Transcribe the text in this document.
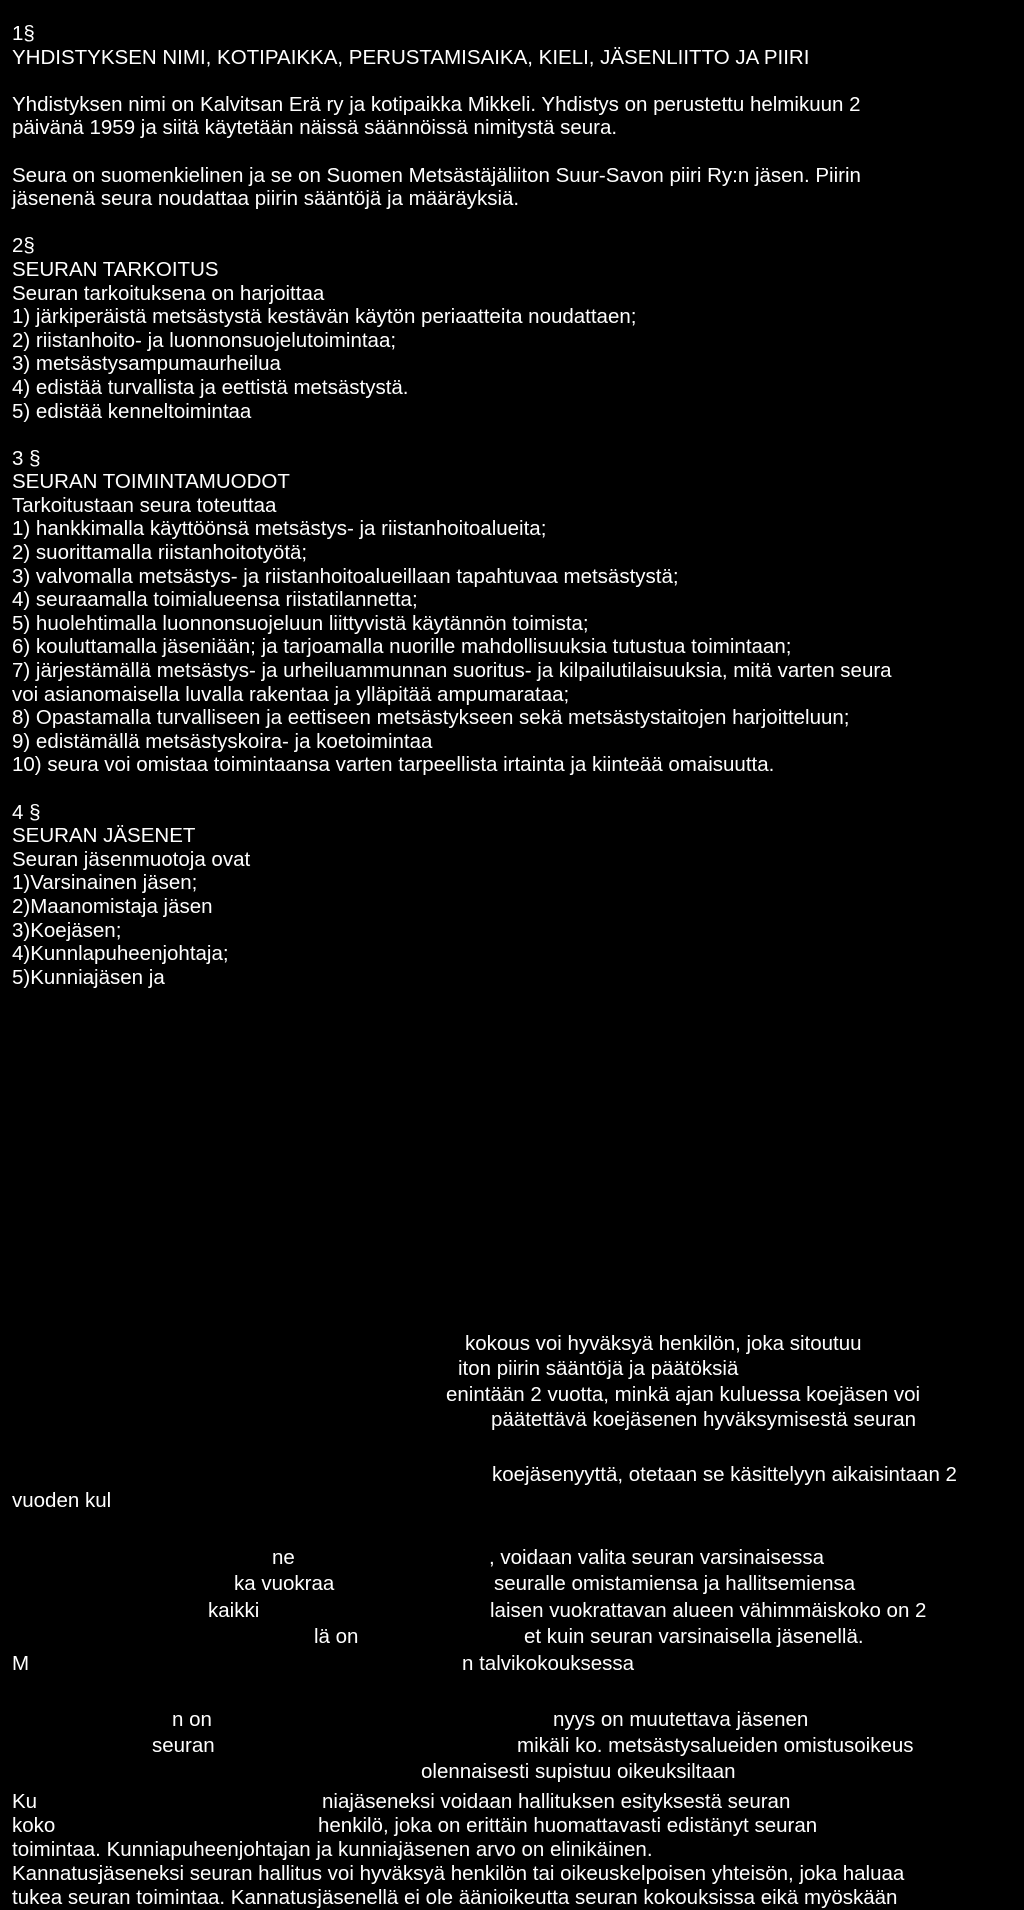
1§

YHDISTYKSEN NIMI, KOTIPAIKKA, PERUSTAMISAIKA, KIELI, JÄSENLIITTO JA PIIRI

Yhdistyksen nimi on Kalvitsan Erä ry ja kotipaikka Mikkeli. Yhdistys on perustettu helmikuun 2

päivänä 1959 ja siitä käytetään näissä säännöissä nimitystä seura.

Seura on suomenkielinen ja se on Suomen Metsästäjäliiton Suur-Savon piiri Ry:n jäsen. Piirin

jäsenenä seura noudattaa piirin sääntöjä ja määräyksiä.

2§

SEURAN TARKOITUS

Seuran tarkoituksena on harjoittaa

1) järkiperäistä metsästystä kestävän käytön periaatteita noudattaen;

2) riistanhoito- ja luonnonsuojelutoimintaa;

3) metsästysampumaurheilua

4) edistää turvallista ja eettistä metsästystä.

5) edistää kenneltoimintaa

3 §

SEURAN TOIMINTAMUODOT

Tarkoitustaan seura toteuttaa

1) hankkimalla käyttöönsä metsästys- ja riistanhoitoalueita;

2) suorittamalla riistanhoitotyötä;

3) valvomalla metsästys- ja riistanhoitoalueillaan tapahtuvaa metsästystä;

4) seuraamalla toimialueensa riistatilannetta;

5) huolehtimalla luonnonsuojeluun liittyvistä käytännön toimista;

6) kouluttamalla jäseniään; ja tarjoamalla nuorille mahdollisuuksia tutustua toimintaan;

7) järjestämällä metsästys- ja urheiluammunnan suoritus- ja kilpailutilaisuuksia, mitä varten seura

voi asianomaisella luvalla rakentaa ja ylläpitää ampumarataa;

8) Opastamalla turvalliseen ja eettiseen metsästykseen sekä metsästystaitojen harjoitteluun;

9) edistämällä metsästyskoira- ja koetoimintaa

10) seura voi omistaa toimintaansa varten tarpeellista irtainta ja kiinteää omaisuutta.

4 §

SEURAN JÄSENET

Seuran jäsenmuotoja ovat

1)Varsinainen jäsen;

2)Maanomistaja jäsen

3)Koejäsen;

4)Kunnlapuheenjohtaja;

5)Kunniajäsen ja

kokous voi hyväksyä henkilön, joka sitoutuu

iton piirin sääntöjä ja päätöksiä

enintään 2 vuotta, minkä ajan kuluessa koejäsen voi

päätettävä koejäsenen hyväksymisestä seuran

koejäsenyyttä, otetaan se käsittelyyn aikaisintaan 2

vuoden kul

ne	, voidaan valita seuran varsinaisessa

ka vuokraa	seuralle omistamiensa ja hallitsemiensa

kaikki	laisen vuokrattavan alueen vähimmäiskoko on 2

lä on	et kuin seuran varsinaisella jäsenellä.

M	n talvikokouksessa

n on	nyys on muutettava jäsenen

seuran	mikäli ko. metsästysalueiden omistusoikeus

olennaisesti supistuu oikeuksiltaan

Ku	niajäseneksi voidaan hallituksen esityksestä seuran

koko	henkilö, joka on erittäin huomattavasti edistänyt seuran

toimintaa. Kunniapuheenjohtajan ja kunniajäsenen arvo on elinikäinen.

Kannatusjäseneksi seuran hallitus voi hyväksyä henkilön tai oikeuskelpoisen yhteisön, joka haluaa

tukea seuran toimintaa. Kannatusjäsenellä ei ole äänioikeutta seuran kokouksissa eikä myöskään
